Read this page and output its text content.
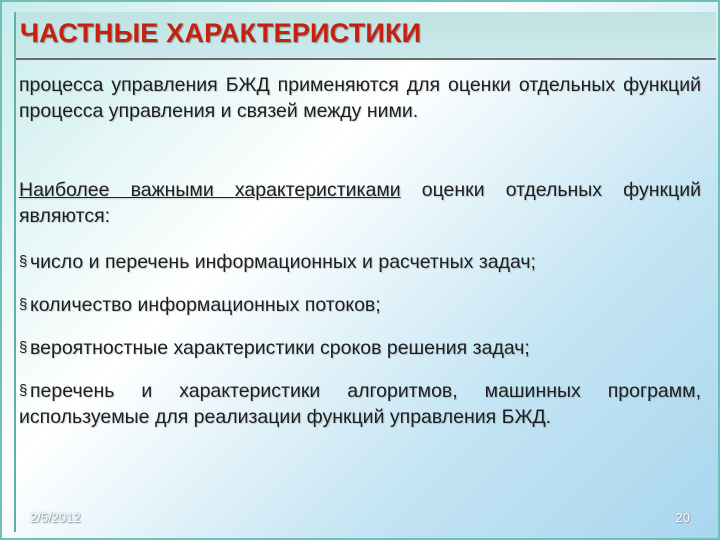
ЧАСТНЫЕ ХАРАКТЕРИСТИКИ

процесса управления БЖД применяются для оценки отдельных функций процесса управления и связей между ними.

Наиболее важными характеристиками оценки отдельных функций являются:

§ число и перечень информационных и расчетных задач;
§ количество информационных потоков;
§ вероятностные характеристики сроков решения задач;
§ перечень и характеристики алгоритмов, машинных программ, используемые для реализации функций управления БЖД.
2/5/2012	20
